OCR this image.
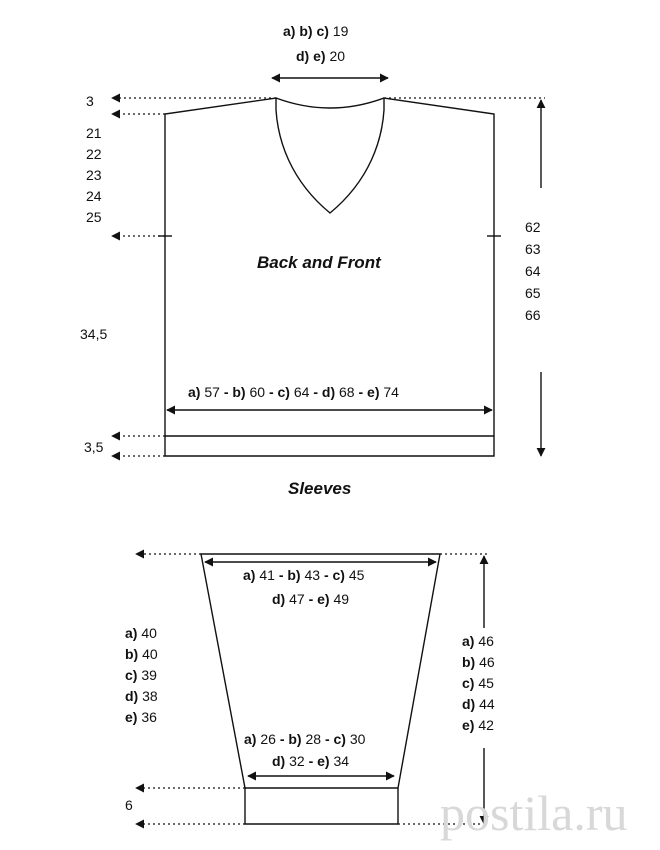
a) b) c) 19
d) e) 20
3
21
22
23
24
25
34,5
3,5
62
63
64
65
66
Back and Front
a) 57 - b) 60 - c) 64 - d) 68 - e) 74
Sleeves
a) 41 - b) 43 - c) 45
d) 47 - e) 49
a) 26 - b) 28 - c) 30
d) 32 - e) 34
a) 40
b) 40
c) 39
d) 38
e) 36
a) 46
b) 46
c) 45
d) 44
e) 42
6	postila.ru
